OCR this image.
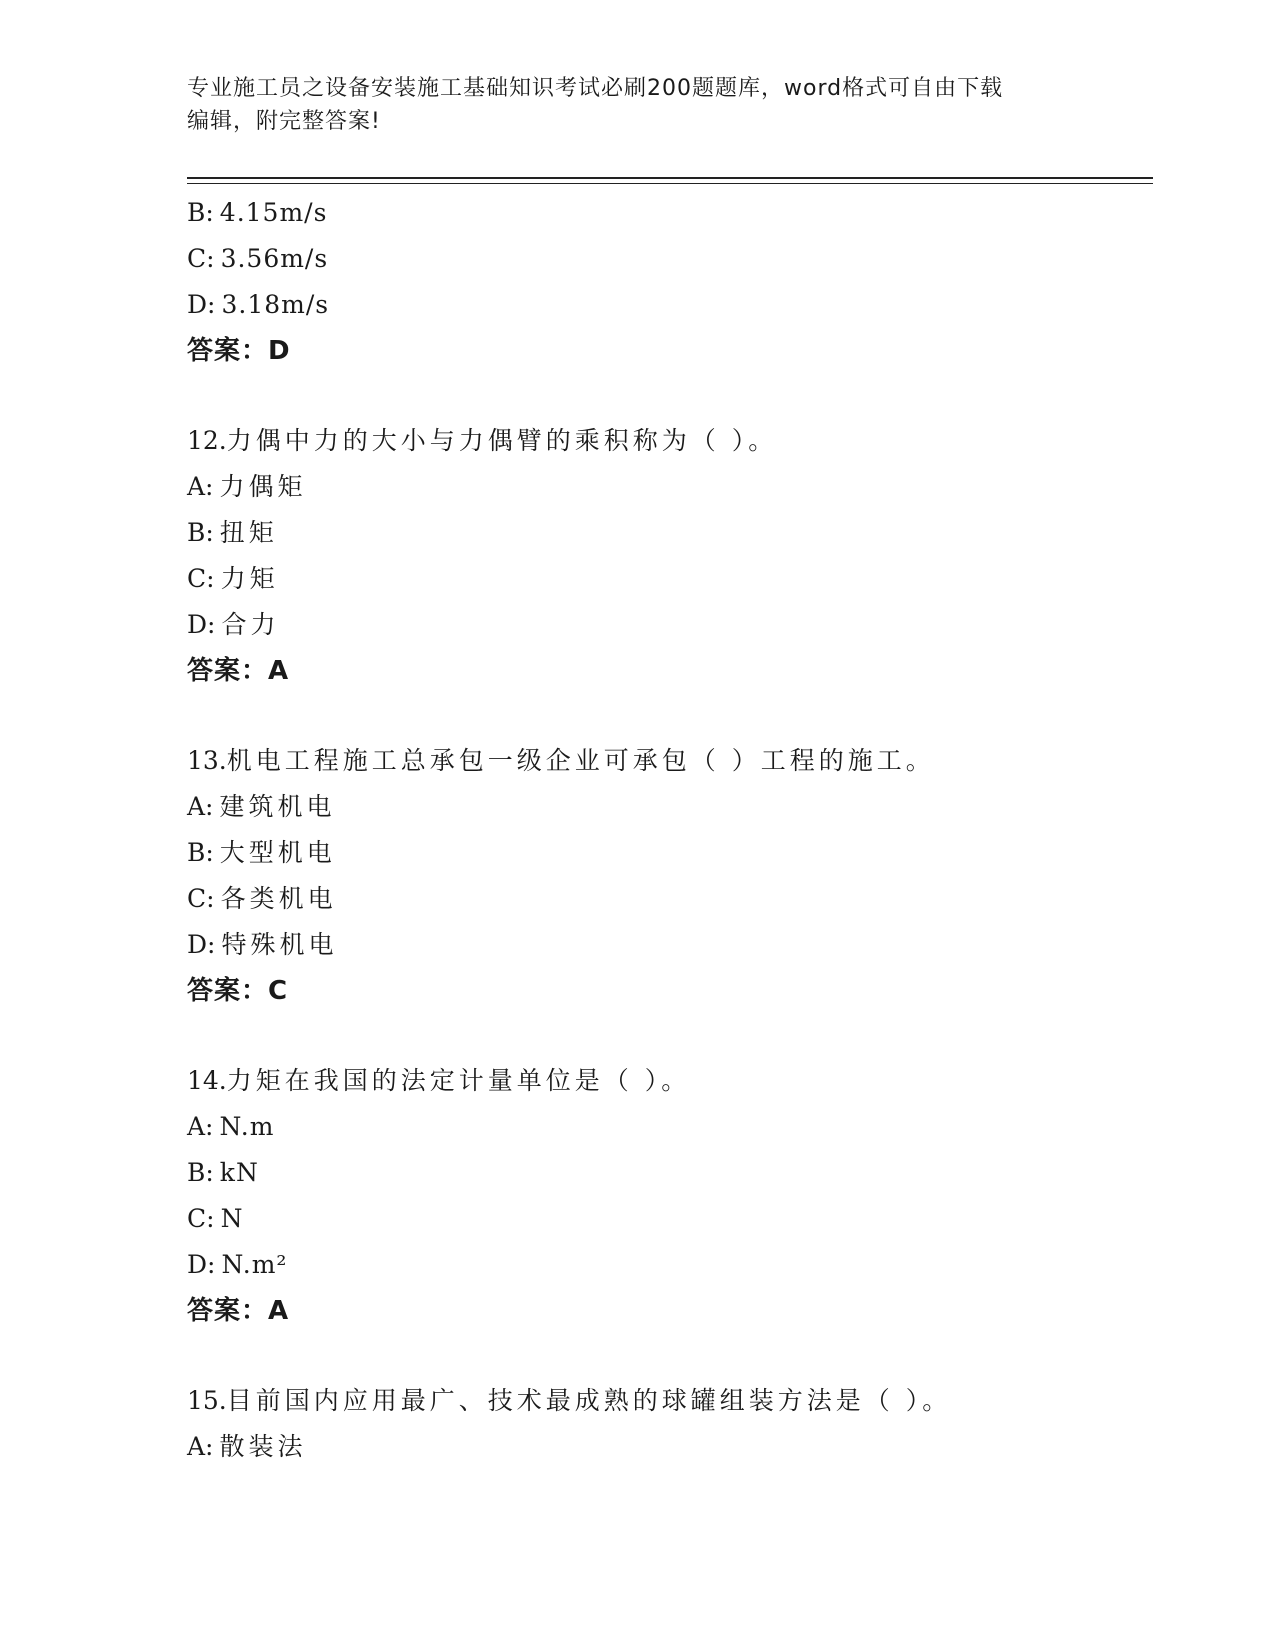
专业施工员之设备安装施工基础知识考试必刷200题题库，word格式可自由下载
编辑，附完整答案!
B: 4.15m/s
C: 3.56m/s
D: 3.18m/s
答案：D
12.力偶中力的大小与力偶臂的乘积称为（ ）。
A: 力偶矩
B: 扭矩
C: 力矩
D: 合力
答案：A
13.机电工程施工总承包一级企业可承包（ ）工程的施工。
A: 建筑机电
B: 大型机电
C: 各类机电
D: 特殊机电
答案：C
14.力矩在我国的法定计量单位是（ ）。
A: N.m
B: kN
C: N
D: N.m²
答案：A
15.目前国内应用最广、技术最成熟的球罐组装方法是（ ）。
A: 散装法
